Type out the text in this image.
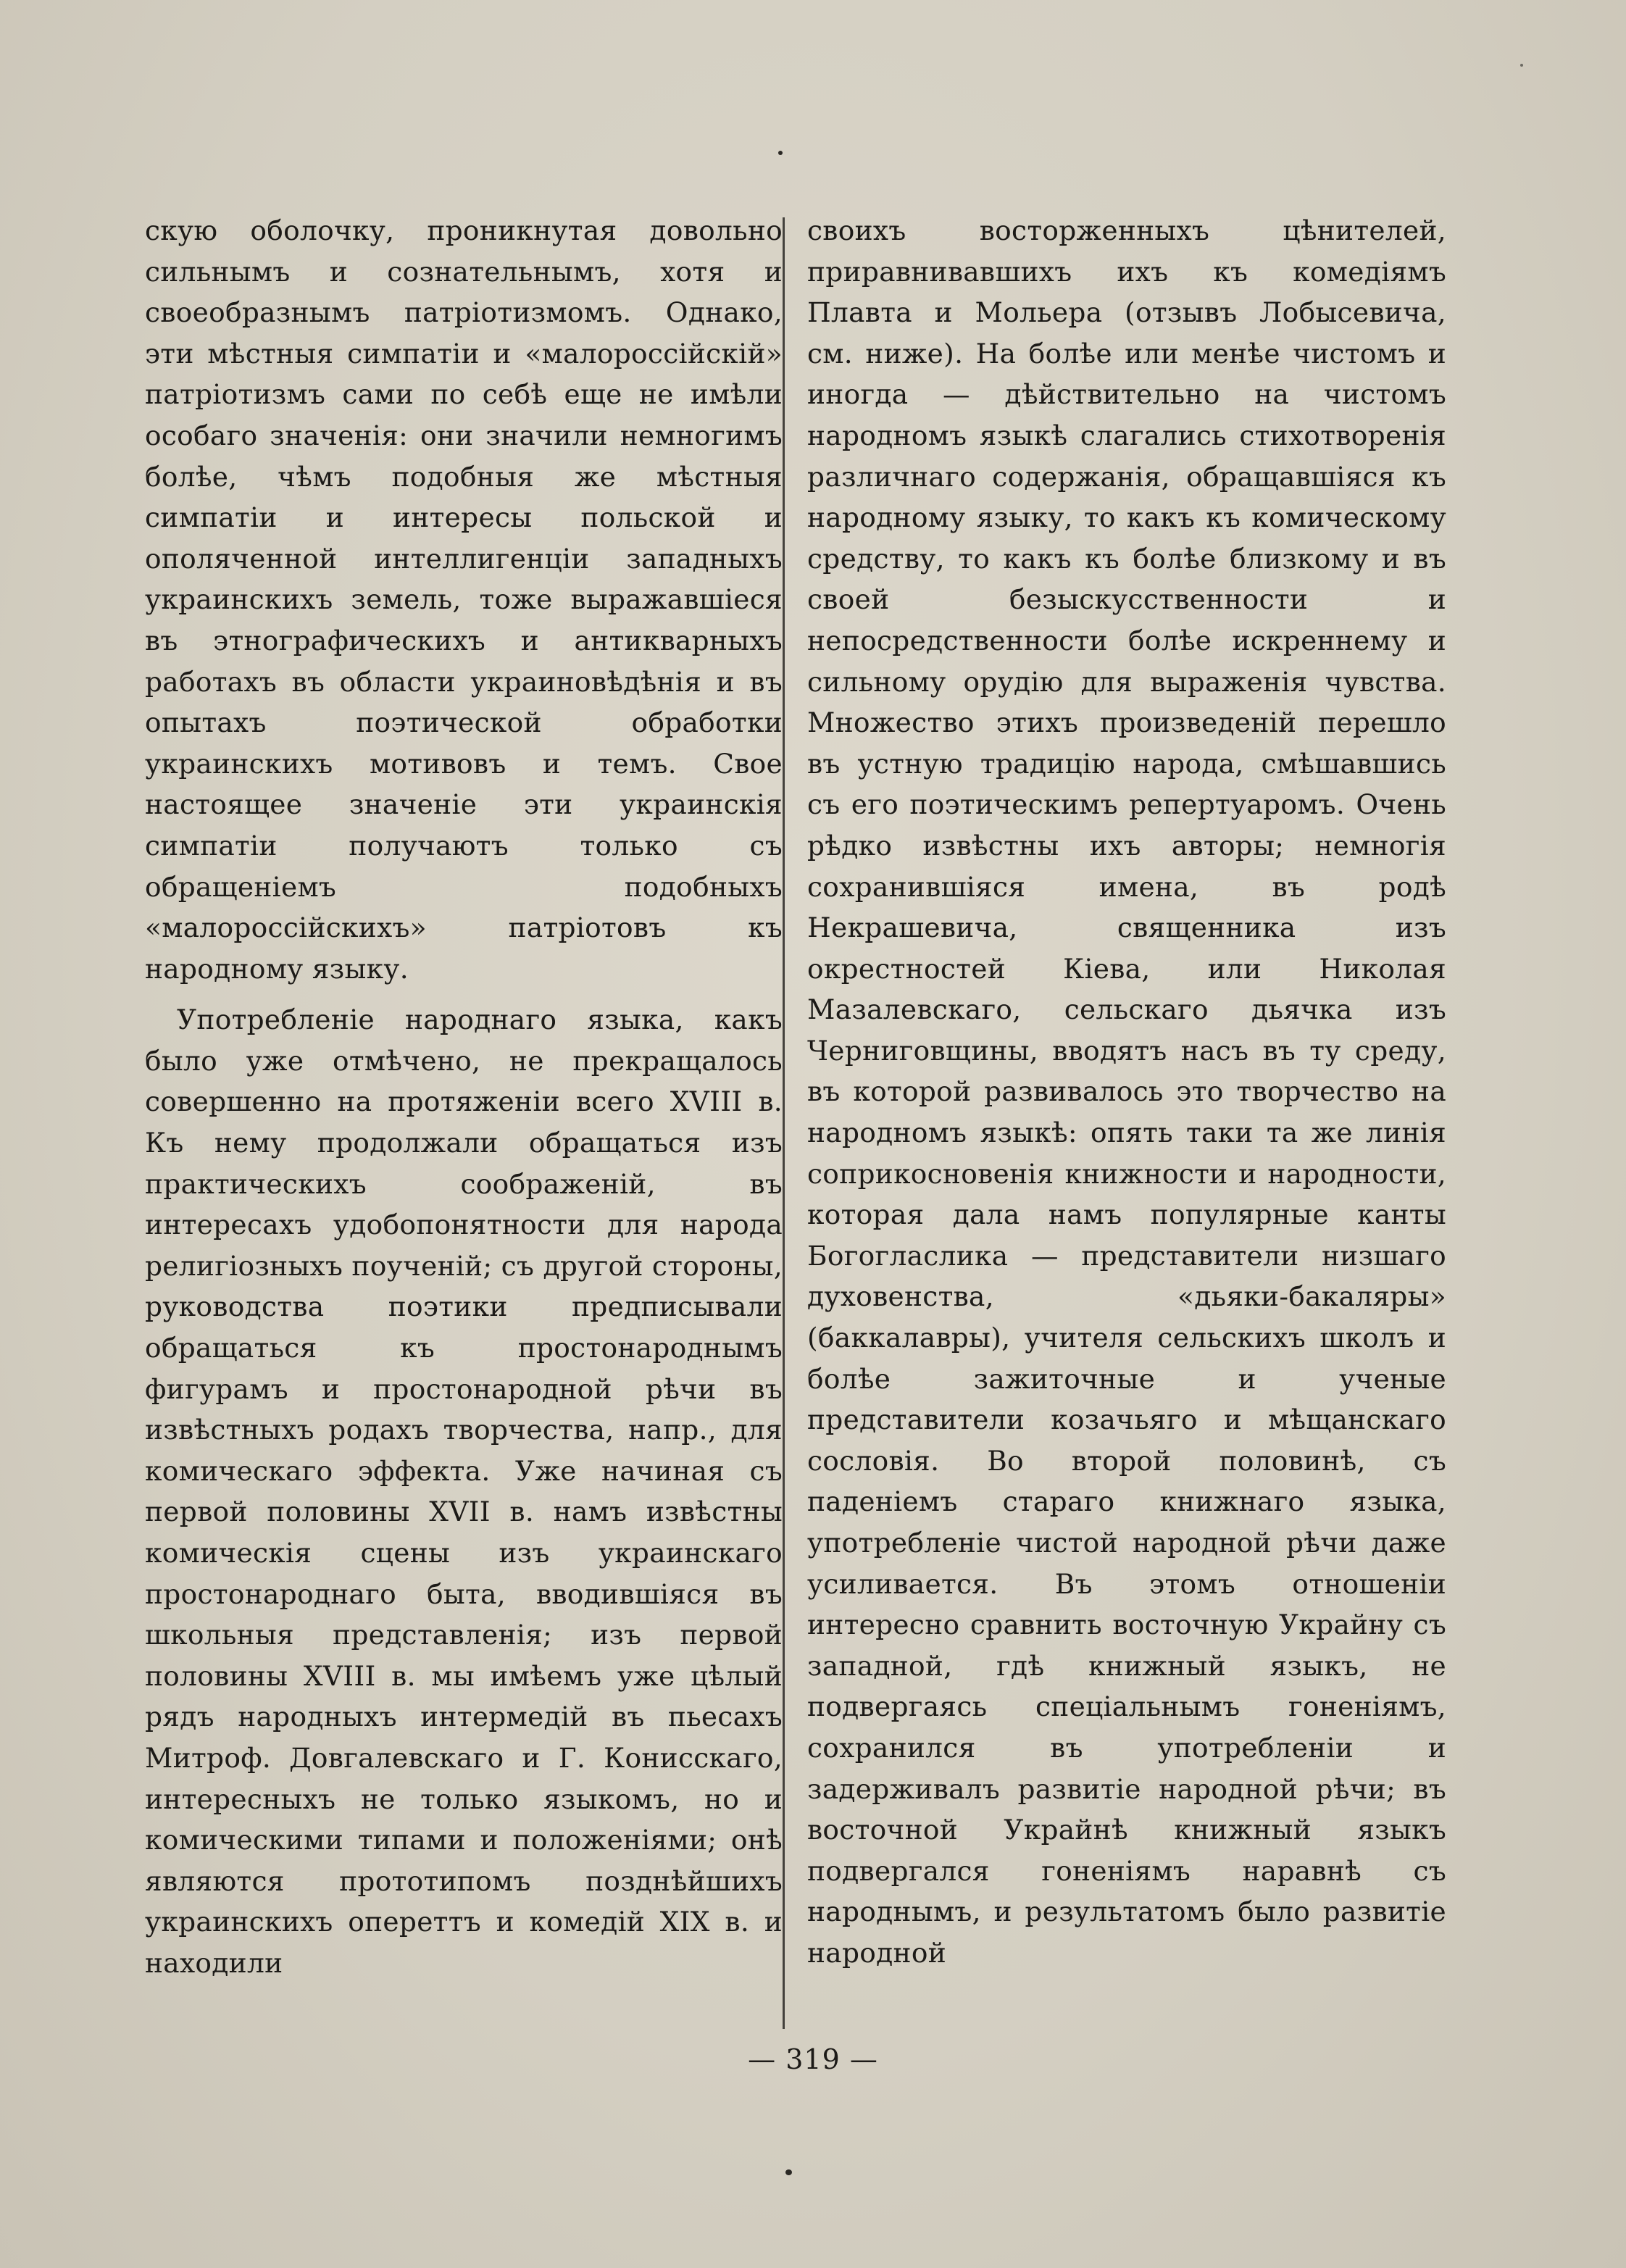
скую оболочку, проникнутая довольно сильнымъ и сознательнымъ, хотя и своеобразнымъ патріотизмомъ. Однако, эти мѣстныя симпатіи и «малороссійскій» патріотизмъ сами по себѣ еще не имѣли особаго значенія: они значили немногимъ болѣе, чѣмъ подобныя же мѣстныя симпатіи и интересы польской и ополяченной интеллигенціи западныхъ украинскихъ земель, тоже выражавшіеся въ этнографическихъ и антикварныхъ работахъ въ области украиновѣдѣнія и въ опытахъ поэтической обработки украинскихъ мотивовъ и темъ. Свое настоящее значеніе эти украинскія симпатіи получаютъ только съ обращеніемъ подобныхъ «малороссійскихъ» патріотовъ къ народному языку.

Употребленіе народнаго языка, какъ было уже отмѣчено, не прекращалось совершенно на протяженіи всего XVIII в. Къ нему продолжали обращаться изъ практическихъ соображеній, въ интересахъ удобопонятности для народа религіозныхъ поученій; съ другой стороны, руководства поэтики предписывали обращаться къ простонароднымъ фигурамъ и простонародной рѣчи въ извѣстныхъ родахъ творчества, напр., для комическаго эффекта. Уже начиная съ первой половины XVII в. намъ извѣстны комическія сцены изъ украинскаго простонароднаго быта, вводившіяся въ школьныя представленія; изъ первой половины XVIII в. мы имѣемъ уже цѣлый рядъ народныхъ интермедій въ пьесахъ Митроф. Довгалевскаго и Г. Конисскаго, интересныхъ не только языкомъ, но и комическими типами и положеніями; онѣ являются прототипомъ позднѣйшихъ украинскихъ опереттъ и комедій XIX в. и находили

своихъ восторженныхъ цѣнителей, приравнивавшихъ ихъ къ комедіямъ Плавта и Мольера (отзывъ Лобысевича, см. ниже). На болѣе или менѣе чистомъ и иногда — дѣйствительно на чистомъ народномъ языкѣ слагались стихотворенія различнаго содержанія, обращавшіяся къ народному языку, то какъ къ комическому средству, то какъ къ болѣе близкому и въ своей безыскусственности и непосредственности болѣе искреннему и сильному орудію для выраженія чувства. Множество этихъ произведеній перешло въ устную традицію народа, смѣшавшись съ его поэтическимъ репертуаромъ. Очень рѣдко извѣстны ихъ авторы; немногія сохранившіяся имена, въ родѣ Некрашевича, священника изъ окрестностей Кіева, или Николая Мазалевскаго, сельскаго дьячка изъ Черниговщины, вводятъ насъ въ ту среду, въ которой развивалось это творчество на народномъ языкѣ: опять таки та же линія соприкосновенія книжности и народности, которая дала намъ популярные канты Богогласлика — представители низшаго духовенства, «дьяки-бакаляры» (баккалавры), учителя сельскихъ школъ и болѣе зажиточные и ученые представители козачьяго и мѣщанскаго сословія. Во второй половинѣ, съ паденіемъ стараго книжнаго языка, употребленіе чистой народной рѣчи даже усиливается. Въ этомъ отношеніи интересно сравнить восточную Украйну съ западной, гдѣ книжный языкъ, не подвергаясь спеціальнымъ гоненіямъ, сохранился въ употребленіи и задерживалъ развитіе народной рѣчи; въ восточной Украйнѣ книжный языкъ подвергался гоненіямъ наравнѣ съ народнымъ, и результатомъ было развитіе народной

— 319 —
